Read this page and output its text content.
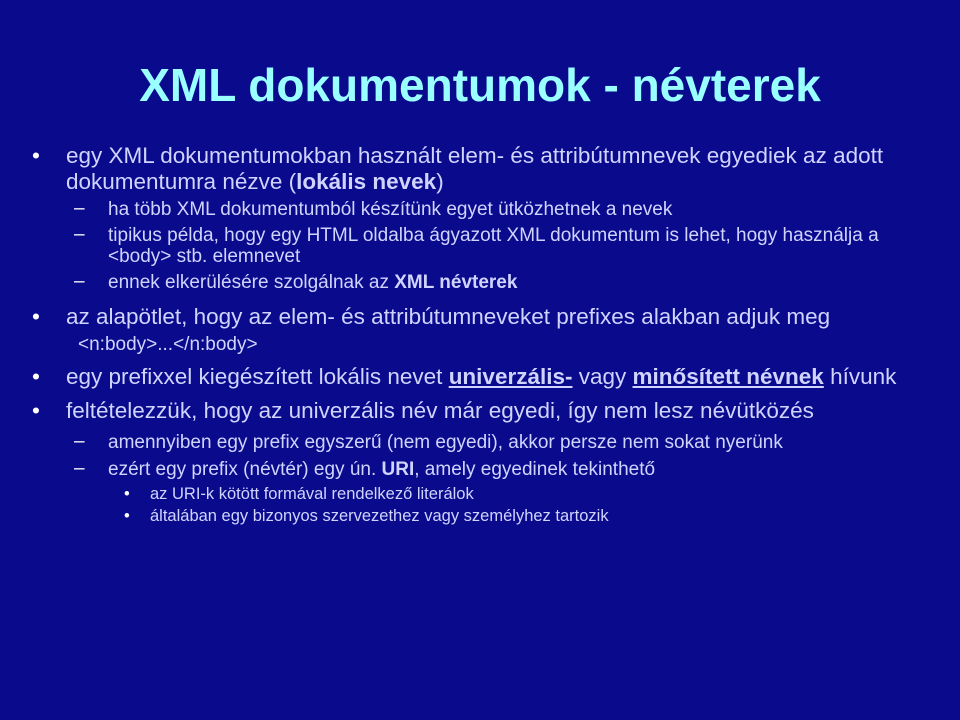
XML dokumentumok - névterek
• egy XML dokumentumokban használt elem- és attribútumnevek egyediek az adott
dokumentumra nézve (lokális nevek)
– ha több XML dokumentumból készítünk egyet ütközhetnek a nevek
– tipikus példa, hogy egy HTML oldalba ágyazott XML dokumentum is lehet, hogy használja a <body> stb. elemnevet
– ennek elkerülésére szolgálnak az XML névterek
• az alapötlet, hogy az elem- és attribútumneveket prefixes alakban adjuk meg
<n:body>...</n:body>
• egy prefixxel kiegészített lokális nevet univerzális- vagy minősített névnek hívunk
• feltételezzük, hogy az univerzális név már egyedi, így nem lesz névütközés
– amennyiben egy prefix egyszerű (nem egyedi), akkor persze nem sokat nyerünk
– ezért egy prefix (névtér) egy ún. URI, amely egyedinek tekinthető
• az URI-k kötött formával rendelkező literálok
• általában egy bizonyos szervezethez vagy személyhez tartozik
